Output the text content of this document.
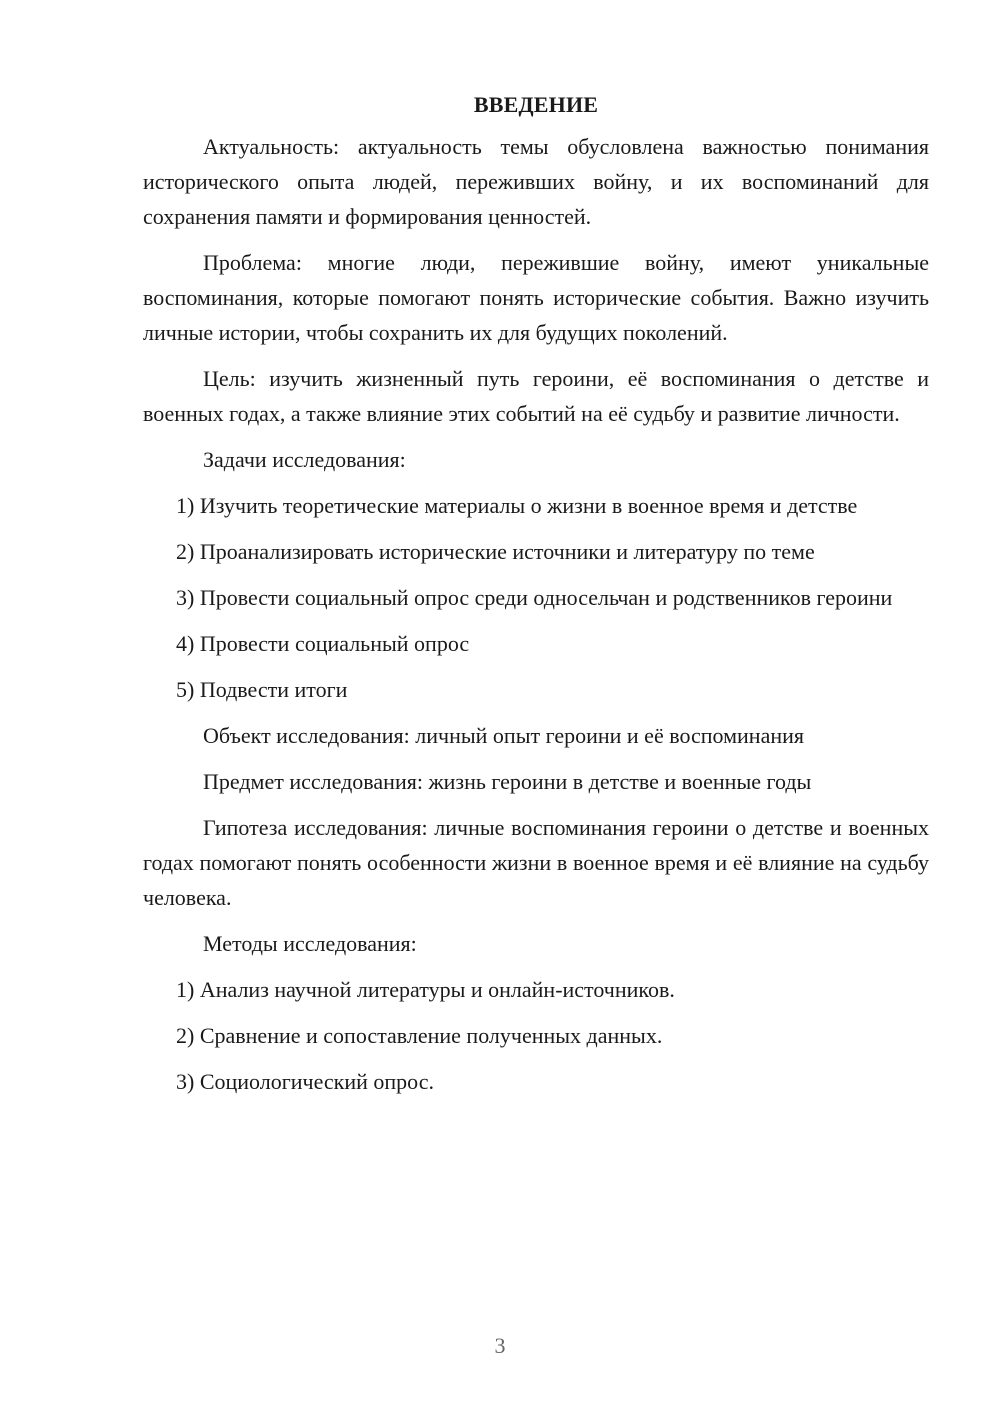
ВВЕДЕНИЕ

Актуальность: актуальность темы обусловлена важностью понимания исторического опыта людей, переживших войну, и их воспоминаний для сохранения памяти и формирования ценностей.

Проблема: многие люди, пережившие войну, имеют уникальные воспоминания, которые помогают понять исторические события. Важно изучить личные истории, чтобы сохранить их для будущих поколений.

Цель: изучить жизненный путь героини, её воспоминания о детстве и военных годах, а также влияние этих событий на её судьбу и развитие личности.

Задачи исследования:

1) Изучить теоретические материалы о жизни в военное время и детстве

2) Проанализировать исторические источники и литературу по теме

3) Провести социальный опрос среди односельчан и родственников героини

4) Провести социальный опрос

5) Подвести итоги

Объект исследования: личный опыт героини и её воспоминания

Предмет исследования: жизнь героини в детстве и военные годы

Гипотеза исследования: личные воспоминания героини о детстве и военных годах помогают понять особенности жизни в военное время и её влияние на судьбу человека.

Методы исследования:

1) Анализ научной литературы и онлайн-источников.

2) Сравнение и сопоставление полученных данных.

3) Социологический опрос.

3
